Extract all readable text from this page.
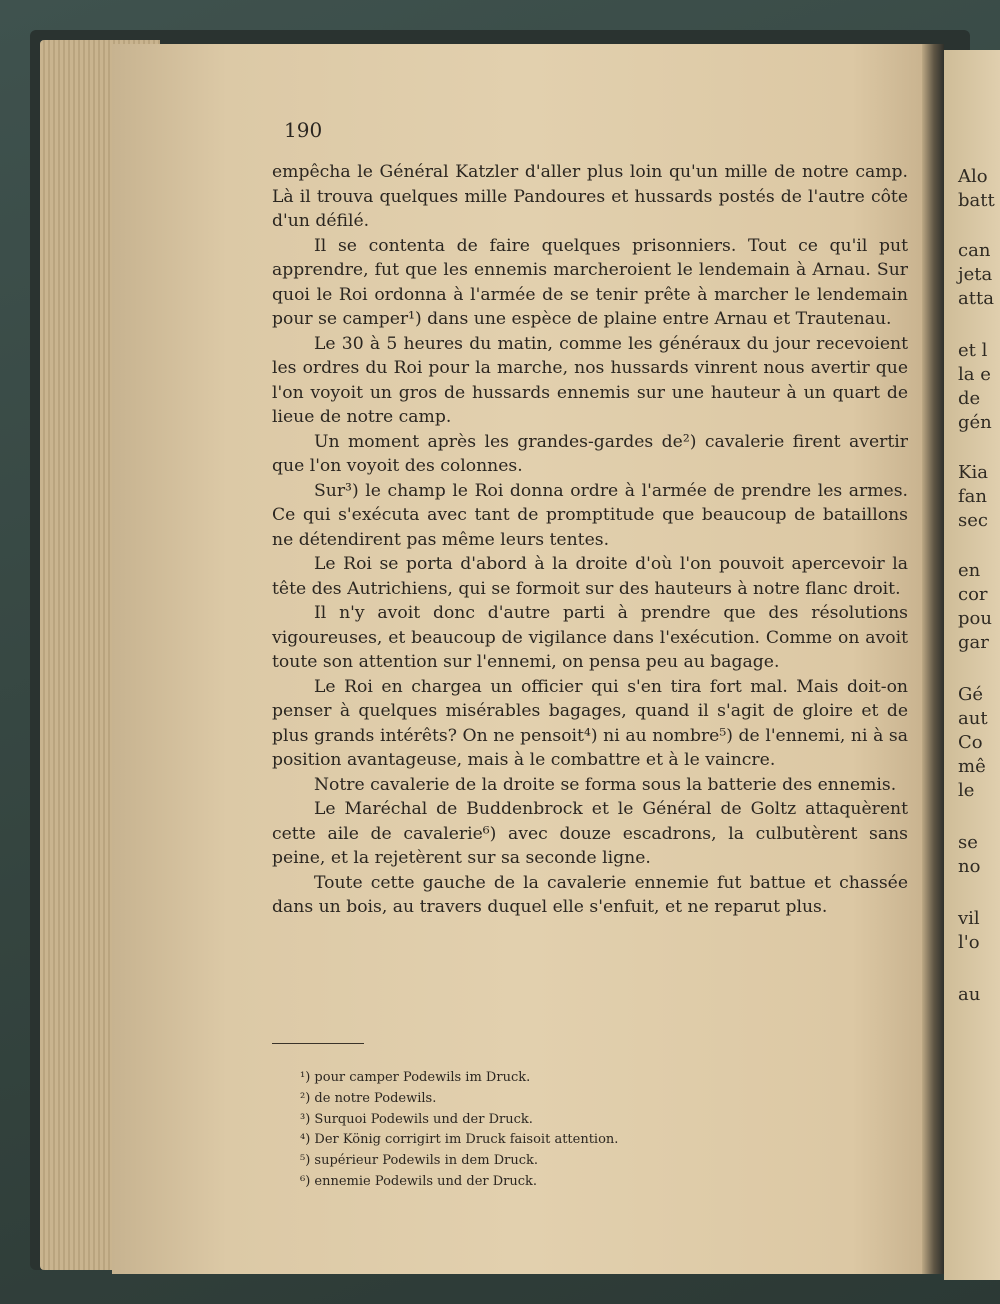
190

empêcha le Général Katzler d'aller plus loin qu'un mille de notre camp. Là il trouva quelques mille Pandoures et hussards postés de l'autre côte d'un défilé.

Il se contenta de faire quelques prisonniers. Tout ce qu'il put apprendre, fut que les ennemis marcheroient le lendemain à Arnau. Sur quoi le Roi ordonna à l'armée de se tenir prête à marcher le lendemain pour se camper¹) dans une espèce de plaine entre Arnau et Trautenau.

Le 30 à 5 heures du matin, comme les généraux du jour recevoient les ordres du Roi pour la marche, nos hussards vinrent nous avertir que l'on voyoit un gros de hussards ennemis sur une hauteur à un quart de lieue de notre camp.

Un moment après les grandes-gardes de²) cavalerie firent avertir que l'on voyoit des colonnes.

Sur³) le champ le Roi donna ordre à l'armée de prendre les armes. Ce qui s'exécuta avec tant de promptitude que beaucoup de bataillons ne détendirent pas même leurs tentes.

Le Roi se porta d'abord à la droite d'où l'on pouvoit apercevoir la tête des Autrichiens, qui se formoit sur des hauteurs à notre flanc droit.

Il n'y avoit donc d'autre parti à prendre que des résolutions vigoureuses, et beaucoup de vigilance dans l'exécution. Comme on avoit toute son attention sur l'ennemi, on pensa peu au bagage.

Le Roi en chargea un officier qui s'en tira fort mal. Mais doit-on penser à quelques misérables bagages, quand il s'agit de gloire et de plus grands intérêts? On ne pensoit⁴) ni au nombre⁵) de l'ennemi, ni à sa position avantageuse, mais à le combattre et à le vaincre.

Notre cavalerie de la droite se forma sous la batterie des ennemis.

Le Maréchal de Buddenbrock et le Général de Goltz attaquèrent cette aile de cavalerie⁶) avec douze escadrons, la culbutèrent sans peine, et la rejetèrent sur sa seconde ligne.

Toute cette gauche de la cavalerie ennemie fut battue et chassée dans un bois, au travers duquel elle s'enfuit, et ne reparut plus.

¹) pour camper Podewils im Druck.
²) de notre Podewils.
³) Surquoi Podewils und der Druck.
⁴) Der König corrigirt im Druck faisoit attention.
⁵) supérieur Podewils in dem Druck.
⁶) ennemie Podewils und der Druck.

Alo

batt

can

jeta

atta

et l

la e

de

gén

Kia

fan

sec

en

cor

pou

gar

Gé

aut

Co

mê

le

se

no

vil

l'o

au
